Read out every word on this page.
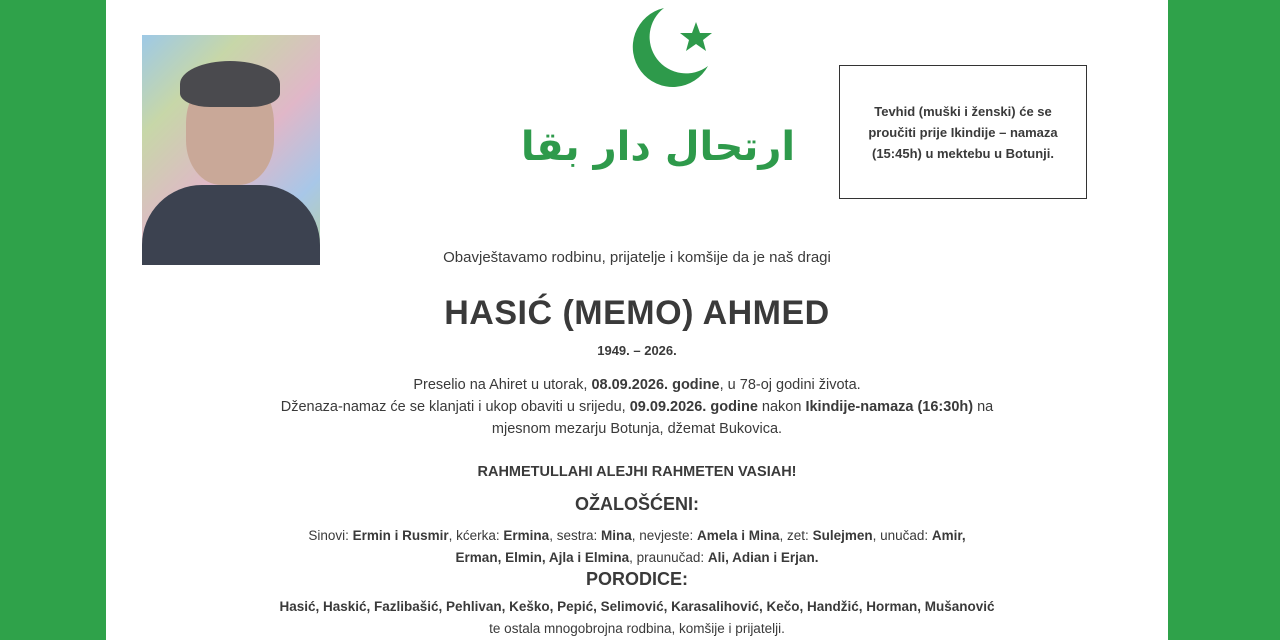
ارتحال دار بقا
Tevhid (muški i ženski) će se proučiti prije Ikindije – namaza (15:45h) u mektebu u Botunji.
Obavještavamo rodbinu, prijatelje i komšije da je naš dragi
HASIĆ (MEMO) AHMED
1949. – 2026.
Preselio na Ahiret u utorak, 08.09.2026. godine, u 78-oj godini života.
Dženaza-namaz će se klanjati i ukop obaviti u srijedu, 09.09.2026. godine nakon Ikindije-namaza (16:30h) na
mjesnom mezarju Botunja, džemat Bukovica.
RAHMETULLAHI ALEJHI RAHMETEN VASIAH!
OŽALOŠĆENI:
Sinovi: Ermin i Rusmir, kćerka: Ermina, sestra: Mina, nevjeste: Amela i Mina, zet: Sulejmen, unučad: Amir,
Erman, Elmin, Ajla i Elmina, praunučad: Ali, Adian i Erjan.
PORODICE:
Hasić, Haskić, Fazlibašić, Pehlivan, Keško, Pepić, Selimović, Karasalihović, Kečo, Handžić, Horman, Mušanović
te ostala mnogobrojna rodbina, komšije i prijatelji.
